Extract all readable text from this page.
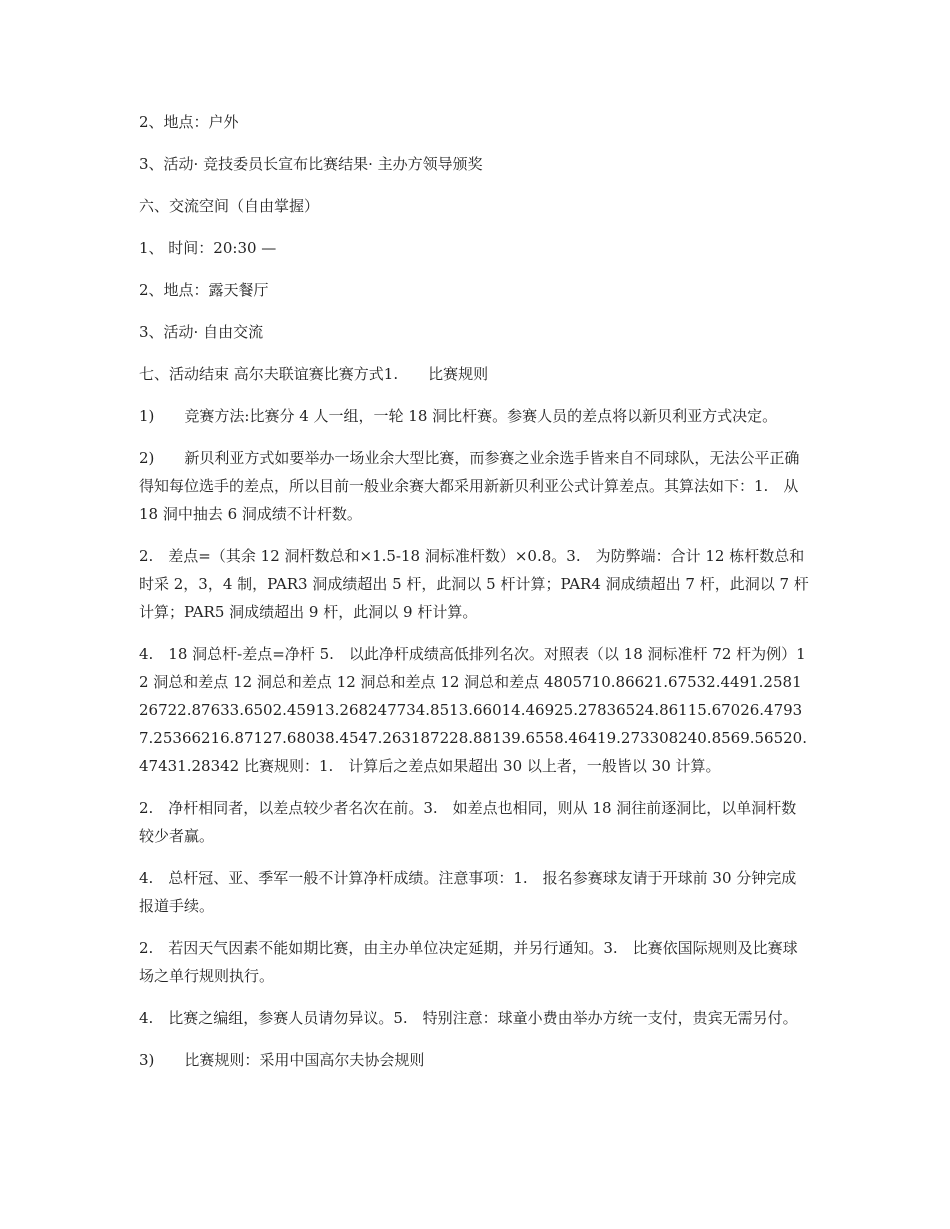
2、地点：户外

3、活动· 竞技委员长宣布比赛结果· 主办方领导颁奖

六、交流空间（自由掌握）

1、 时间：20:30 —

2、地点：露天餐厅

3、活动· 自由交流

七、活动结束 高尔夫联谊赛比赛方式1.　　比赛规则

1)　　竞赛方法:比赛分 4 人一组，一轮 18 洞比杆赛。参赛人员的差点将以新贝利亚方式决定。

2)　　新贝利亚方式如要举办一场业余大型比赛，而参赛之业余选手皆来自不同球队，无法公平正确得知每位选手的差点，所以目前一般业余赛大都采用新新贝利亚公式计算差点。其算法如下：1.　从 18 洞中抽去 6 洞成绩不计杆数。

2.　差点=（其余 12 洞杆数总和×1.5-18 洞标准杆数）×0.8。3.　为防弊端：合计 12 栋杆数总和时采 2，3，4 制，PAR3 洞成绩超出 5 杆，此洞以 5 杆计算；PAR4 洞成绩超出 7 杆，此洞以 7 杆计算；PAR5 洞成绩超出 9 杆，此洞以 9 杆计算。

4.　18 洞总杆-差点=净杆 5.　以此净杆成绩高低排列名次。对照表（以 18 洞标准杆 72 杆为例）12 洞总和差点 12 洞总和差点 12 洞总和差点 12 洞总和差点 4805710.86621.67532.4491.258126722.87633.6502.45913.268247734.8513.66014.46925.27836524.86115.67026.47937.25366216.87127.68038.4547.263187228.88139.6558.46419.273308240.8569.56520.47431.28342 比赛规则：1.　计算后之差点如果超出 30 以上者，一般皆以 30 计算。

2.　净杆相同者，以差点较少者名次在前。3.　如差点也相同，则从 18 洞往前逐洞比，以单洞杆数较少者赢。

4.　总杆冠、亚、季军一般不计算净杆成绩。注意事项：1.　报名参赛球友请于开球前 30 分钟完成报道手续。

2.　若因天气因素不能如期比赛，由主办单位决定延期，并另行通知。3.　比赛依国际规则及比赛球场之单行规则执行。

4.　比赛之编组，参赛人员请勿异议。5.　特别注意：球童小费由举办方统一支付，贵宾无需另付。

3)　　比赛规则：采用中国高尔夫协会规则
